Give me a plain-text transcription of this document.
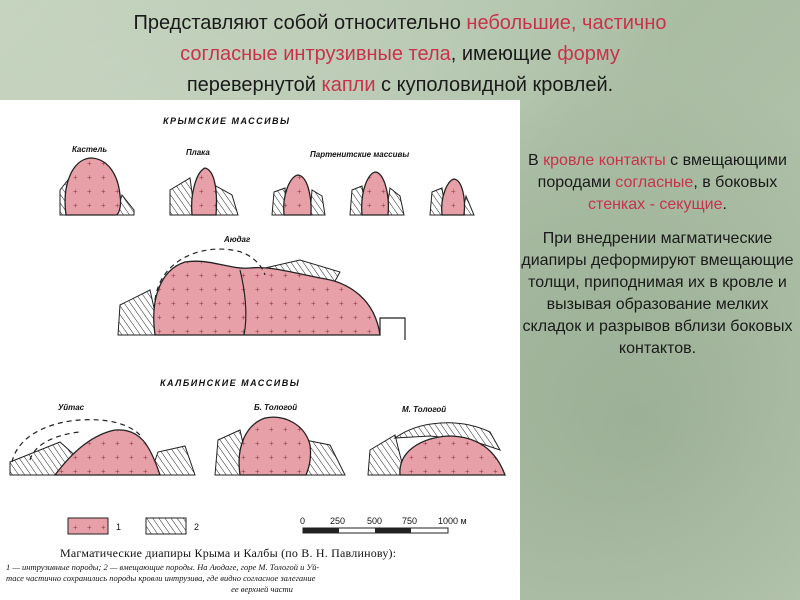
Представляют собой относительно небольшие, частично
согласные интрузивные тела, имеющие форму
перевернутой капли с куполовидной кровлей.
КРЫМСКИЕ МАССИВЫ
Кастель	Плака	Партенитские массивы
Аюдаг
КАЛБИНСКИЕ МАССИВЫ
Уйтас	Б. Тологой	М. Тологой
1	2
0	250 500 750 1000 м
Магматические диапиры Крыма и Калбы (по В. Н. Павлинову):
1 — интрузивные породы; 2 — вмещающие породы. На Аюдаге, горе М. Тологой и Уй-
тасе частично сохранились породы кровли интрузива, где видно согласное залегание
ее верхней части

В кровле контакты с вмещающими породами согласные, в боковых стенках - секущие.

При внедрении магматические диапиры деформируют вмещающие толщи, приподнимая их в кровле и вызывая образование мелких складок и разрывов вблизи боковых контактов.
